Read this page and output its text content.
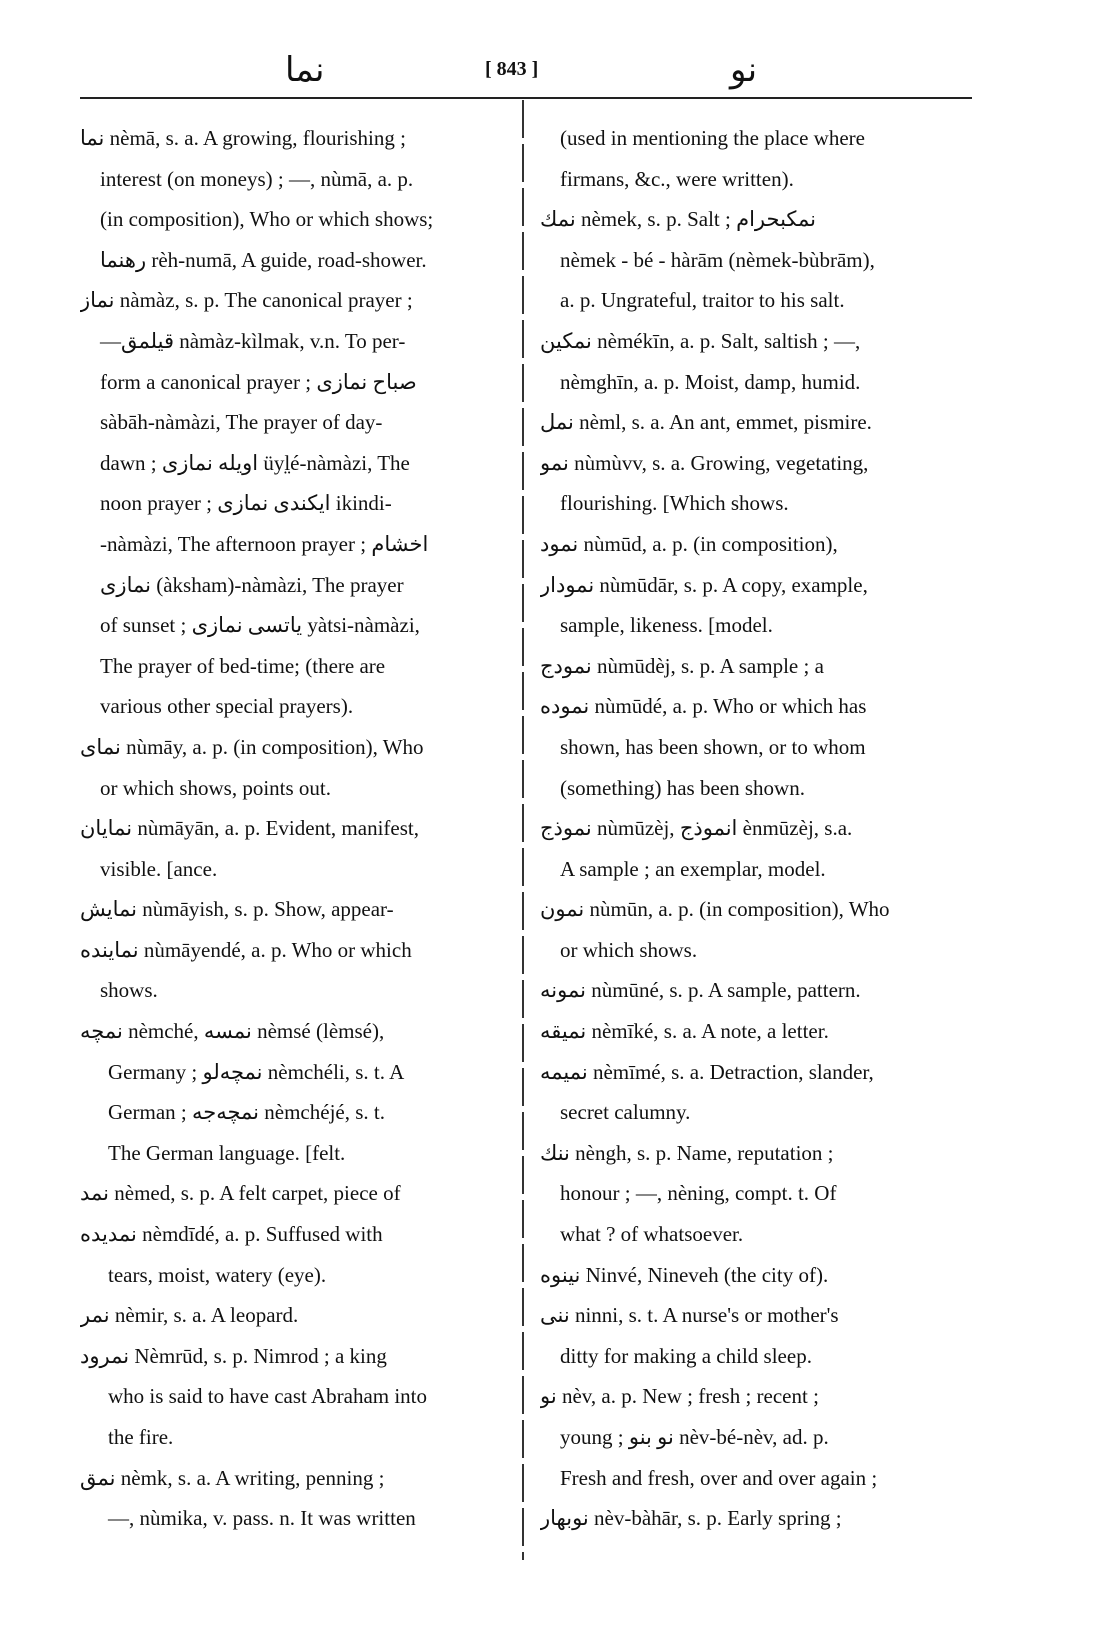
نما	[ 843 ]	نو
نما nèmā, s. a. A growing, flourishing ;
interest (on moneys) ; —, nùmā, a. p.
(in composition), Who or which shows;
رهنما rèh-numā, A guide, road-shower.
نماز nàmàz, s. p. The canonical prayer ;
—قیلمق nàmàz-kìlmak, v.n. To per-
form a canonical prayer ; صباح نمازی
sàbāh-nàmàzi, The prayer of day-
dawn ; اویله نمازی üyl̤é-nàmàzi, The
noon prayer ; ایکندی نمازی ikindi-
-nàmàzi, The afternoon prayer ; اخشام
نمازی (àksham)-nàmàzi, The prayer
of sunset ; یاتسی نمازی yàtsi-nàmàzi,
The prayer of bed-time; (there are
various other special prayers).
نمای nùmāy, a. p. (in composition), Who
or which shows, points out.
نمایان nùmāyān, a. p. Evident, manifest,
visible. [ance.
نمایش nùmāyish, s. p. Show, appear-
نماینده nùmāyendé, a. p. Who or which
shows.
نمچه nèmché, نمسه nèmsé (lèmsé),
Germany ; نمچه‌لو nèmchéli, s. t. A
German ; نمچه‌جه nèmchéjé, s. t.
The German language. [felt.
نمد nèmed, s. p. A felt carpet, piece of
نمدیده nèmdīdé, a. p. Suffused with
tears, moist, watery (eye).
نمر nèmir, s. a. A leopard.
نمرود Nèmrūd, s. p. Nimrod ; a king
who is said to have cast Abraham into
the fire.
نمق nèmk, s. a. A writing, penning ;
—, nùmika, v. pass. n. It was written
(used in mentioning the place where
firmans, &c., were written).
نمك nèmek, s. p. Salt ; نمکبحرام
nèmek - bé - hàrām (nèmek-bùbrām),
a. p. Ungrateful, traitor to his salt.
نمکین nèmékīn, a. p. Salt, saltish ; —,
nèmghīn, a. p. Moist, damp, humid.
نمل nèml, s. a. An ant, emmet, pismire.
نمو nùmùvv, s. a. Growing, vegetating,
flourishing. [Which shows.
نمود nùmūd, a. p. (in composition),
نمودار nùmūdār, s. p. A copy, example,
sample, likeness. [model.
نمودج nùmūdèj, s. p. A sample ; a
نموده nùmūdé, a. p. Who or which has
shown, has been shown, or to whom
(something) has been shown.
نموذج nùmūzèj, انموذج ènmūzèj, s.a.
A sample ; an exemplar, model.
نمون nùmūn, a. p. (in composition), Who
or which shows.
نمونه nùmūné, s. p. A sample, pattern.
نمیقه nèmīké, s. a. A note, a letter.
نمیمه nèmīmé, s. a. Detraction, slander,
secret calumny.
ننك nèngh, s. p. Name, reputation ;
honour ; —, nèning, compt. t. Of
what ? of whatsoever.
نینوه Ninvé, Nineveh (the city of).
ننی ninni, s. t. A nurse's or mother's
ditty for making a child sleep.
نو nèv, a. p. New ; fresh ; recent ;
young ; نو بنو nèv-bé-nèv, ad. p.
Fresh and fresh, over and over again ;
نوبهار nèv-bàhār, s. p. Early spring ;
